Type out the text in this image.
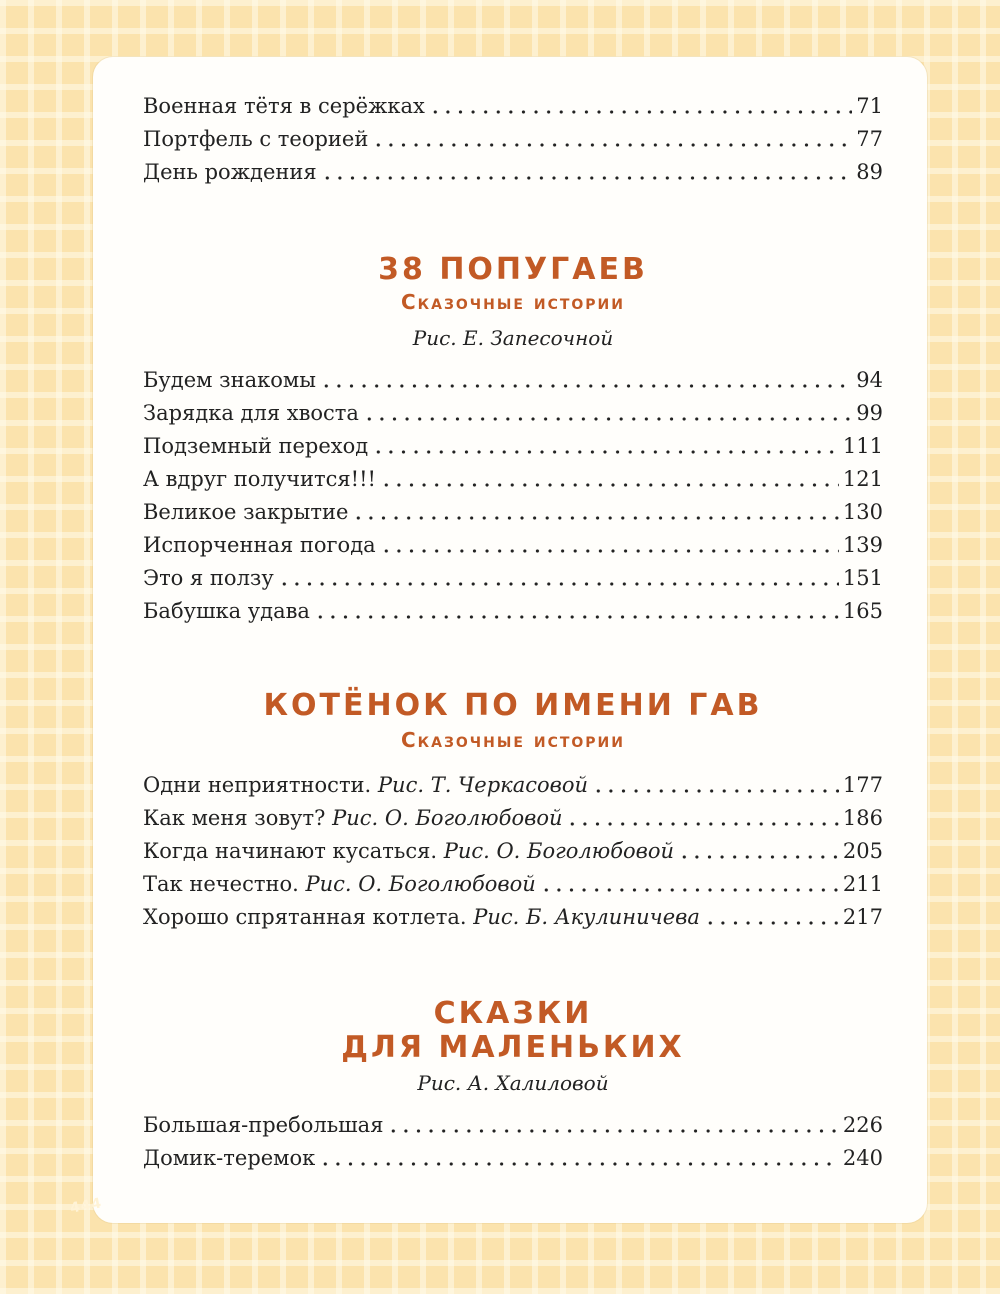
Военная тётя в серёжках	71
Портфель с теорией	77
День рождения	89
38 ПОПУГАЕВ
Сказочные истории
Рис. Е. Запесочной
Будем знакомы	94
Зарядка для хвоста	99
Подземный переход	111
А вдруг получится!!!	121
Великое закрытие	130
Испорченная погода	139
Это я ползу	151
Бабушка удава	165
КОТЁНОК ПО ИМЕНИ ГАВ
Сказочные истории
Одни неприятности. Рис. Т. Черкасовой	177
Как меня зовут? Рис. О. Боголюбовой	186
Когда начинают кусаться. Рис. О. Боголюбовой	205
Так нечестно. Рис. О. Боголюбовой	211
Хорошо спрятанная котлета. Рис. Б. Акулиничева	217
СКАЗКИ
ДЛЯ МАЛЕНЬКИХ
Рис. А. Халиловой
Большая-пребольшая	226
Домик-теремок	240
444
